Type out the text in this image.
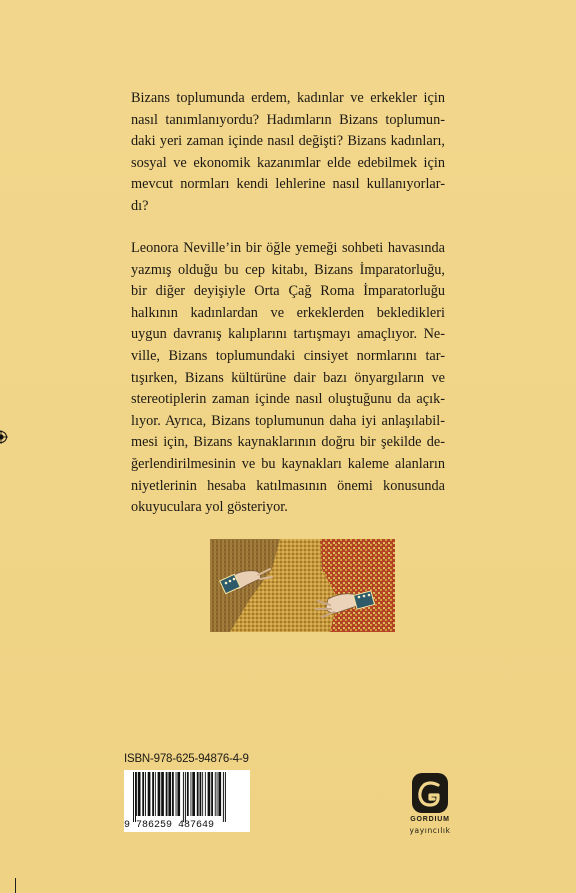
Bizans toplumunda erdem, kadınlar ve erkekler için
nasıl tanımlanıyordu? Hadımların Bizans toplumun-
daki yeri zaman içinde nasıl değişti? Bizans kadınları,
sosyal ve ekonomik kazanımlar elde edebilmek için
mevcut normları kendi lehlerine nasıl kullanıyorlar-
dı?

Leonora Neville’in bir öğle yemeği sohbeti havasında
yazmış olduğu bu cep kitabı, Bizans İmparatorluğu,
bir diğer deyişiyle Orta Çağ Roma İmparatorluğu
halkının kadınlardan ve erkeklerden bekledikleri
uygun davranış kalıplarını tartışmayı amaçlıyor. Ne-
ville, Bizans toplumundaki cinsiyet normlarını tar-
tışırken, Bizans kültürüne dair bazı önyargıların ve
stereotiplerin zaman içinde nasıl oluştuğunu da açık-
lıyor. Ayrıca, Bizans toplumunun daha iyi anlaşılabil-
mesi için, Bizans kaynaklarının doğru bir şekilde de-
ğerlendirilmesinin ve bu kaynakları kaleme alanların
niyetlerinin hesaba katılmasının önemi konusunda
okuyuculara yol gösteriyor.

ISBN-978-625-94876-4-9
9 786259 487649
GORDIUM
yayıncılık
